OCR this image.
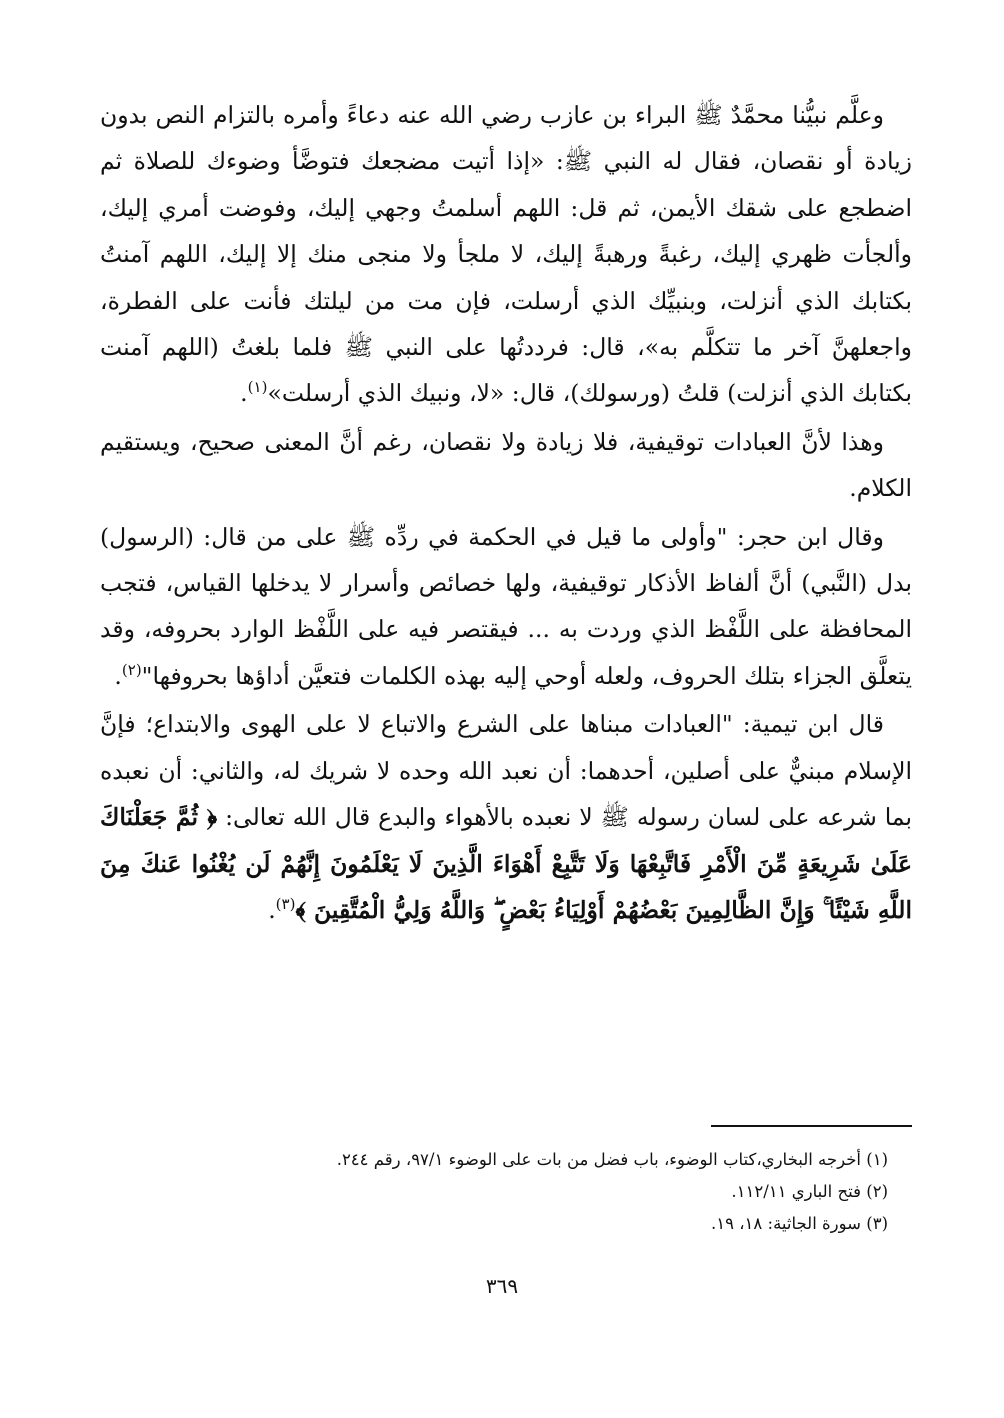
وعلَّم نبيُّنا محمَّدٌ ﷺ البراء بن عازب رضي الله عنه دعاءً وأمره بالتزام النص بدون زيادة أو نقصان، فقال له النبي ﷺ: «إذا أتيت مضجعك فتوضَّأ وضوءك للصلاة ثم اضطجع على شقك الأيمن، ثم قل: اللهم أسلمتُ وجهي إليك، وفوضت أمري إليك، وألجأت ظهري إليك، رغبةً ورهبةً إليك، لا ملجأ ولا منجى منك إلا إليك، اللهم آمنتُ بكتابك الذي أنزلت، وبنبيِّك الذي أرسلت، فإن مت من ليلتك فأنت على الفطرة، واجعلهنَّ آخر ما تتكلَّم به»، قال: فرددتُها على النبي ﷺ فلما بلغتُ (اللهم آمنت بكتابك الذي أنزلت) قلتُ (ورسولك)، قال: «لا، ونبيك الذي أرسلت»$^{(١)}$.

وهذا لأنَّ العبادات توقيفية، فلا زيادة ولا نقصان، رغم أنَّ المعنى صحيح، ويستقيم الكلام.

وقال ابن حجر: "وأولى ما قيل في الحكمة في ردِّه ﷺ على من قال: (الرسول) بدل (النَّبي) أنَّ ألفاظ الأذكار توقيفية، ولها خصائص وأسرار لا يدخلها القياس، فتجب المحافظة على اللَّفْظ الذي وردت به ... فيقتصر فيه على اللَّفْظ الوارد بحروفه، وقد يتعلَّق الجزاء بتلك الحروف، ولعله أوحي إليه بهذه الكلمات فتعيَّن أداؤها بحروفها"$^{(٢)}$.

قال ابن تيمية: "العبادات مبناها على الشرع والاتباع لا على الهوى والابتداع؛ فإنَّ الإسلام مبنيٌّ على أصلين، أحدهما: أن نعبد الله وحده لا شريك له، والثاني: أن نعبده بما شرعه على لسان رسوله ﷺ لا نعبده بالأهواء والبدع قال الله تعالى: ﴿ ثُمَّ جَعَلْنَاكَ عَلَىٰ شَرِيعَةٍ مِّنَ الْأَمْرِ فَاتَّبِعْهَا وَلَا تَتَّبِعْ أَهْوَاءَ الَّذِينَ لَا يَعْلَمُونَ إِنَّهُمْ لَن يُغْنُوا عَنكَ مِنَ اللَّهِ شَيْئًا ۚ وَإِنَّ الظَّالِمِينَ بَعْضُهُمْ أَوْلِيَاءُ بَعْضٍ ۖ وَاللَّهُ وَلِيُّ الْمُتَّقِينَ ﴾$^{(٣)}$.

(١) أخرجه البخاري،كتاب الوضوء، باب فضل من بات على الوضوء ٩٧/١، رقم ٢٤٤.

(٢) فتح الباري ١١٢/١١.

(٣) سورة الجاثية: ١٨، ١٩.

٣٦٩
